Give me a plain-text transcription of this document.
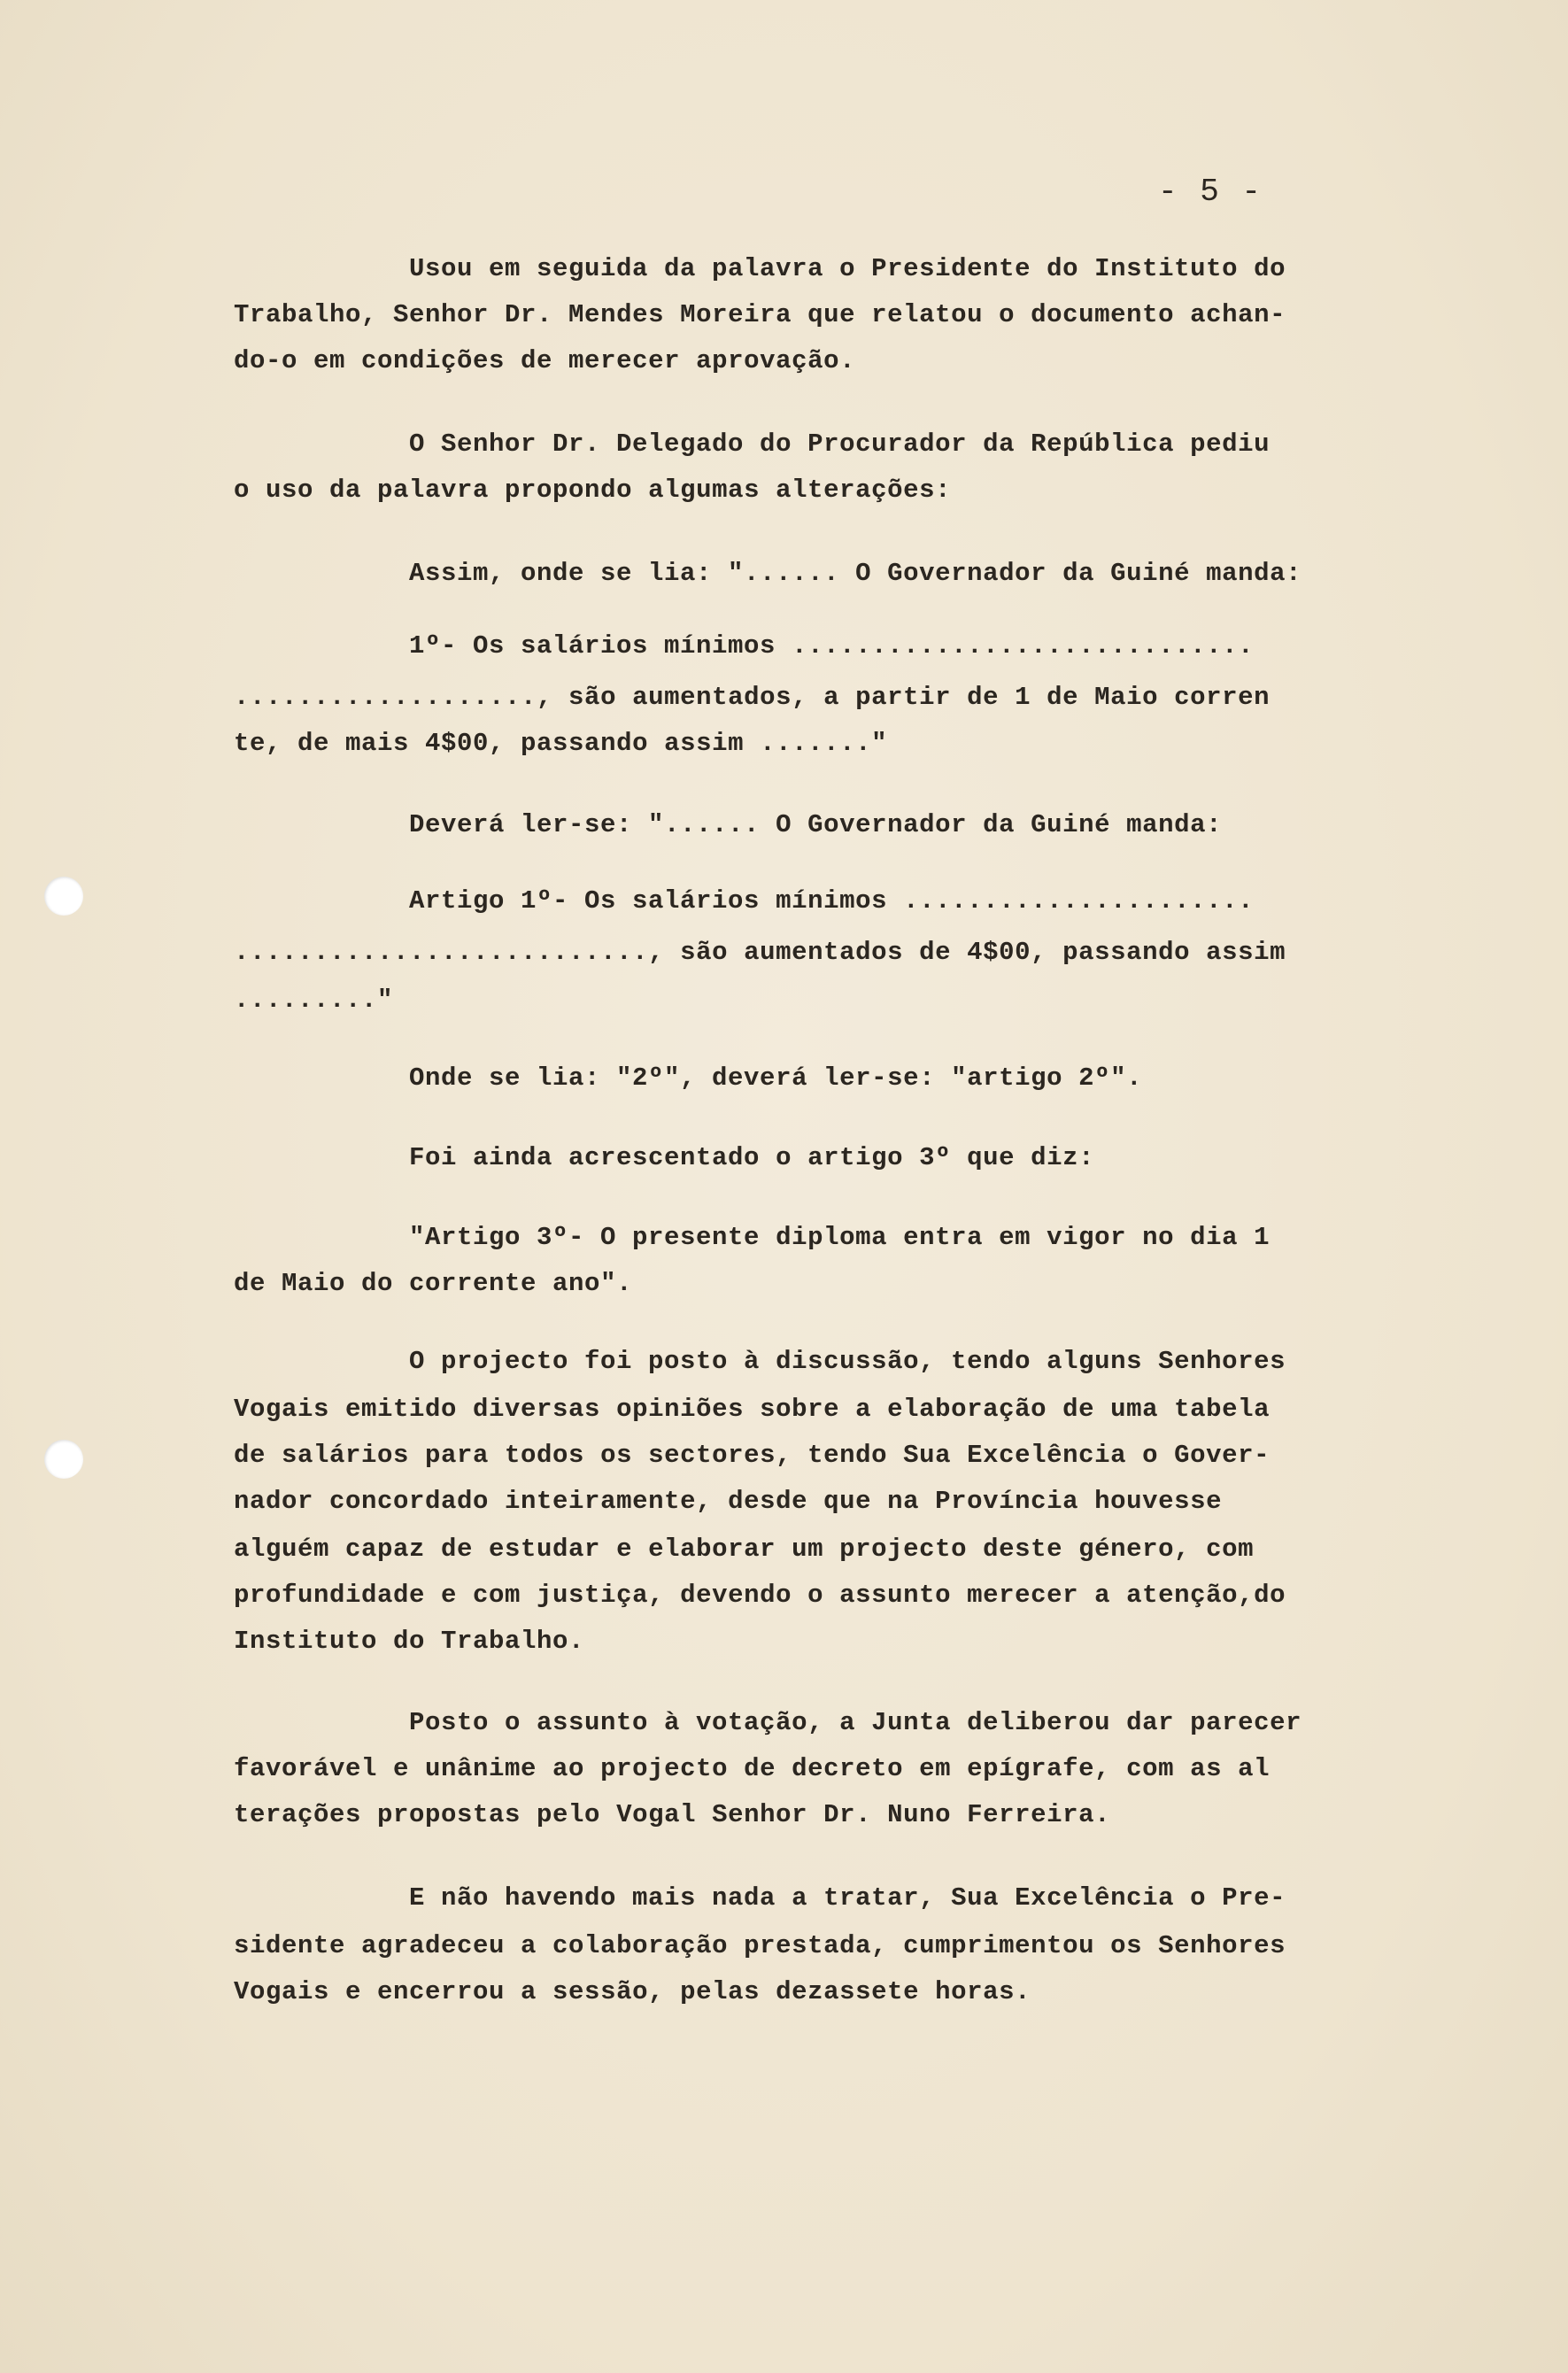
- 5 -
Usou em seguida da palavra o Presidente do Instituto do
Trabalho, Senhor Dr. Mendes Moreira que relatou o documento achan-
do-o em condições de merecer aprovação.
O Senhor Dr. Delegado do Procurador da República pediu
o uso da palavra propondo algumas alterações:
Assim, onde se lia: "...... O Governador da Guiné manda:
1º- Os salários mínimos .............................
..................., são aumentados, a partir de 1 de Maio corren
te, de mais 4$00, passando assim ......."
Deverá ler-se: "...... O Governador da Guiné manda:
Artigo 1º- Os salários mínimos ......................
.........................., são aumentados de 4$00, passando assim
........."
Onde se lia: "2º", deverá ler-se: "artigo 2º".
Foi ainda acrescentado o artigo 3º que diz:
"Artigo 3º- O presente diploma entra em vigor no dia 1
de Maio do corrente ano".
O projecto foi posto à discussão, tendo alguns Senhores
Vogais emitido diversas opiniões sobre a elaboração de uma tabela
de salários para todos os sectores, tendo Sua Excelência o Gover-
nador concordado inteiramente, desde que na Província houvesse
alguém capaz de estudar e elaborar um projecto deste género, com
profundidade e com justiça, devendo o assunto merecer a atenção,do
Instituto do Trabalho.
Posto o assunto à votação, a Junta deliberou dar parecer
favorável e unânime ao projecto de decreto em epígrafe, com as al
terações propostas pelo Vogal Senhor Dr. Nuno Ferreira.
E não havendo mais nada a tratar, Sua Excelência o Pre-
sidente agradeceu a colaboração prestada, cumprimentou os Senhores
Vogais e encerrou a sessão, pelas dezassete horas.
